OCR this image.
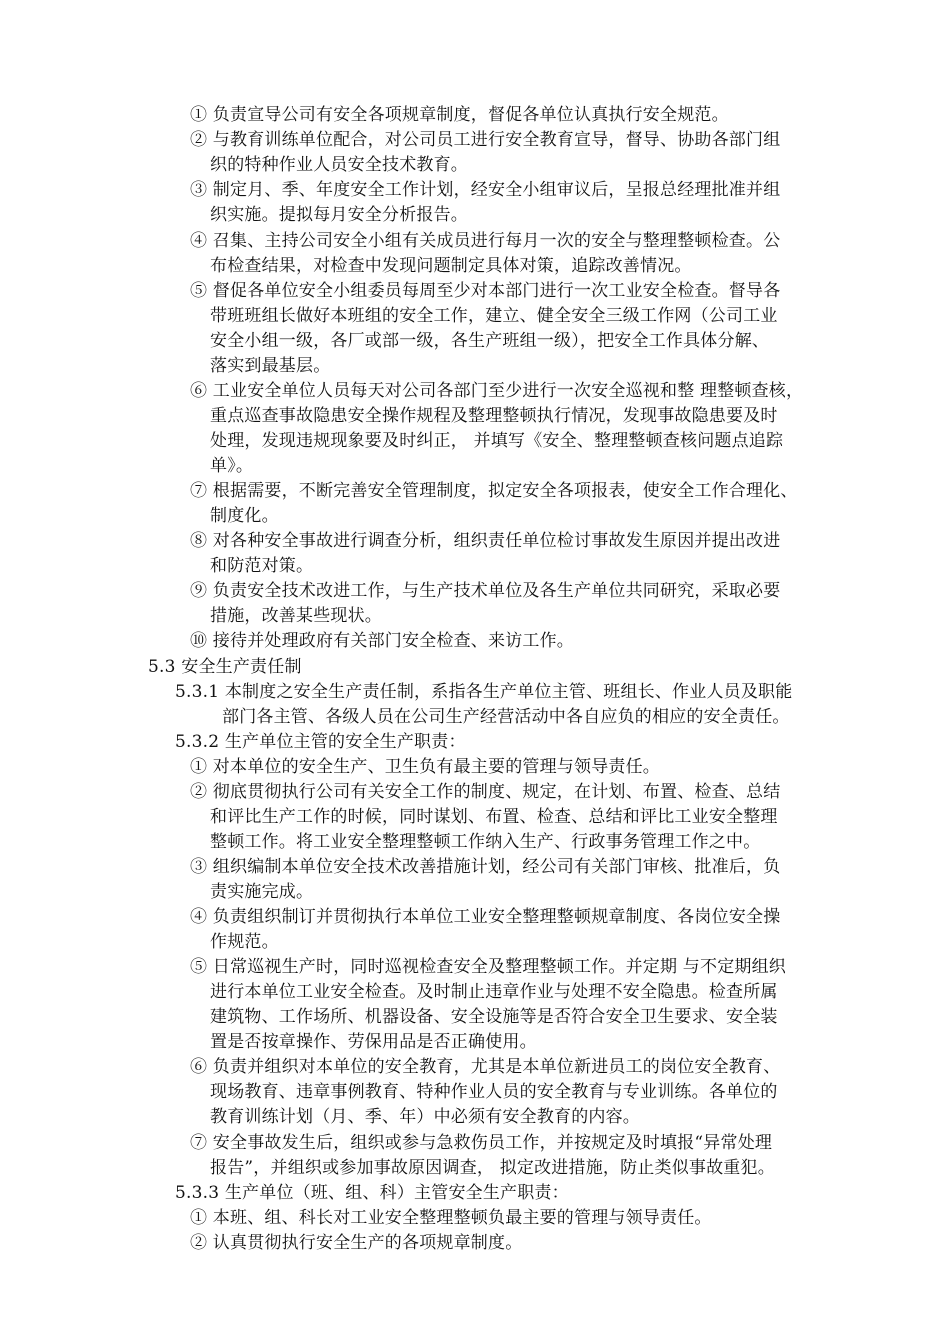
① 负责宣导公司有安全各项规章制度，督促各单位认真执行安全规范。
② 与教育训练单位配合，对公司员工进行安全教育宣导，督导、协助各部门组
织的特种作业人员安全技术教育。
③ 制定月、季、年度安全工作计划，经安全小组审议后，呈报总经理批准并组
织实施。提拟每月安全分析报告。
④ 召集、主持公司安全小组有关成员进行每月一次的安全与整理整顿检查。公
布检查结果，对检查中发现问题制定具体对策，追踪改善情况。
⑤ 督促各单位安全小组委员每周至少对本部门进行一次工业安全检查。督导各
带班班组长做好本班组的安全工作，建立、健全安全三级工作网（公司工业
安全小组一级，各厂或部一级，各生产班组一级），把安全工作具体分解、
落实到最基层。
⑥ 工业安全单位人员每天对公司各部门至少进行一次安全巡视和整 理整顿查核，
重点巡查事故隐患安全操作规程及整理整顿执行情况，发现事故隐患要及时
处理，发现违规现象要及时纠正， 并填写《安全、整理整顿查核问题点追踪
单》。
⑦ 根据需要，不断完善安全管理制度，拟定安全各项报表，使安全工作合理化、
制度化。
⑧ 对各种安全事故进行调查分析，组织责任单位检讨事故发生原因并提出改进
和防范对策。
⑨ 负责安全技术改进工作，与生产技术单位及各生产单位共同研究，采取必要
措施，改善某些现状。
⑩ 接待并处理政府有关部门安全检查、来访工作。
5.3 安全生产责任制
5.3.1 本制度之安全生产责任制，系指各生产单位主管、班组长、作业人员及职能
部门各主管、各级人员在公司生产经营活动中各自应负的相应的安全责任。
5.3.2 生产单位主管的安全生产职责：
① 对本单位的安全生产、卫生负有最主要的管理与领导责任。
② 彻底贯彻执行公司有关安全工作的制度、规定，在计划、布置、检查、总结
和评比生产工作的时候，同时谋划、布置、检查、总结和评比工业安全整理
整顿工作。将工业安全整理整顿工作纳入生产、行政事务管理工作之中。
③ 组织编制本单位安全技术改善措施计划，经公司有关部门审核、批准后，负
责实施完成。
④ 负责组织制订并贯彻执行本单位工业安全整理整顿规章制度、各岗位安全操
作规范。
⑤ 日常巡视生产时，同时巡视检查安全及整理整顿工作。并定期 与不定期组织
进行本单位工业安全检查。及时制止违章作业与处理不安全隐患。检查所属
建筑物、工作场所、机器设备、安全设施等是否符合安全卫生要求、安全装
置是否按章操作、劳保用品是否正确使用。
⑥ 负责并组织对本单位的安全教育，尤其是本单位新进员工的岗位安全教育、
现场教育、违章事例教育、特种作业人员的安全教育与专业训练。各单位的
教育训练计划（月、季、年）中必须有安全教育的内容。
⑦ 安全事故发生后，组织或参与急救伤员工作，并按规定及时填报“异常处理
报告”，并组织或参加事故原因调查， 拟定改进措施，防止类似事故重犯。
5.3.3 生产单位（班、组、科）主管安全生产职责：
① 本班、组、科长对工业安全整理整顿负最主要的管理与领导责任。
② 认真贯彻执行安全生产的各项规章制度。
